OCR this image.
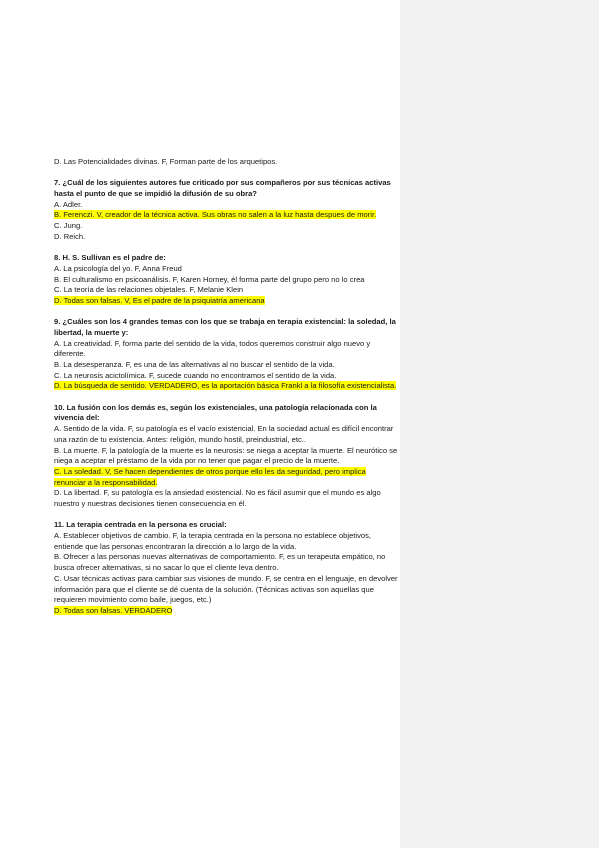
D. Las Potencialidades divinas. F, Forman parte de los arquetipos.
7. ¿Cuál de los siguientes autores fue criticado por sus compañeros por sus técnicas activas hasta el punto de que se impidió la difusión de su obra?
A. Adler.
B. Ferenczi. V, creador de la técnica activa. Sus obras no salen a la luz hasta despues de morir.
C. Jung.
D. Reich.
8. H. S. Sullivan es el padre de:
A. La psicología del yo. F, Anna Freud
B. El culturalismo en psicoanálisis. F, Karen Horney, él forma parte del grupo pero no lo crea
C. La teoría de las relaciones objetales. F, Melanie Klein
D. Todas son falsas. V, Es el padre de la psiquiatría americana
9. ¿Cuáles son los 4 grandes temas con los que se trabaja en terapia existencial: la soledad, la libertad, la muerte y:
A. La creatividad. F, forma parte del sentido de la vida, todos queremos construir algo nuevo y diferente.
B. La desesperanza. F, es una de las alternativas al no buscar el sentido de la vida.
C. La neurosis acictolímica. F, sucede cuando no encontramos el sentido de la vida.
D. La búsqueda de sentido. VERDADERO, es la aportación básica Frankl a la filosofía existencialista.
10. La fusión con los demás es, según los existenciales, una patología relacionada con la vivencia del:
A. Sentido de la vida. F, su patología es el vacío existencial. En la sociedad actual es difícil encontrar una razón de tu existencia. Antes: religión, mundo hostil, preindustrial, etc..
B. La muerte. F, la patología de la muerte es la neurosis: se niega a aceptar la muerte. El neurótico se niega a aceptar el préstamo de la vida por no tener que pagar el precio de la muerte.
C. La soledad. V, Se hacen dependientes de otros porque ello les da seguridad, pero implica renunciar a la responsabilidad.
D. La libertad. F, su patología es la ansiedad existencial. No es fácil asumir que el mundo es algo nuestro y nuestras decisiones tienen consecuencia en él.
11. La terapia centrada en la persona es crucial:
A. Establecer objetivos de cambio. F, la terapia centrada en la persona no establece objetivos, entiende que las personas encontraran la dirección a lo largo de la vida.
B. Ofrecer a las personas nuevas alternativas de comportamiento. F, es un terapeuta empático, no busca ofrecer alternativas, si no sacar lo que el cliente leva dentro.
C. Usar técnicas activas para cambiar sus visiones de mundo. F, se centra en el lenguaje, en devolver información para que el cliente se dé cuenta de la solución. (Técnicas activas son aquellas que requieren movimiento como baile, juegos, etc.)
D. Todas son falsas. VERDADERO
